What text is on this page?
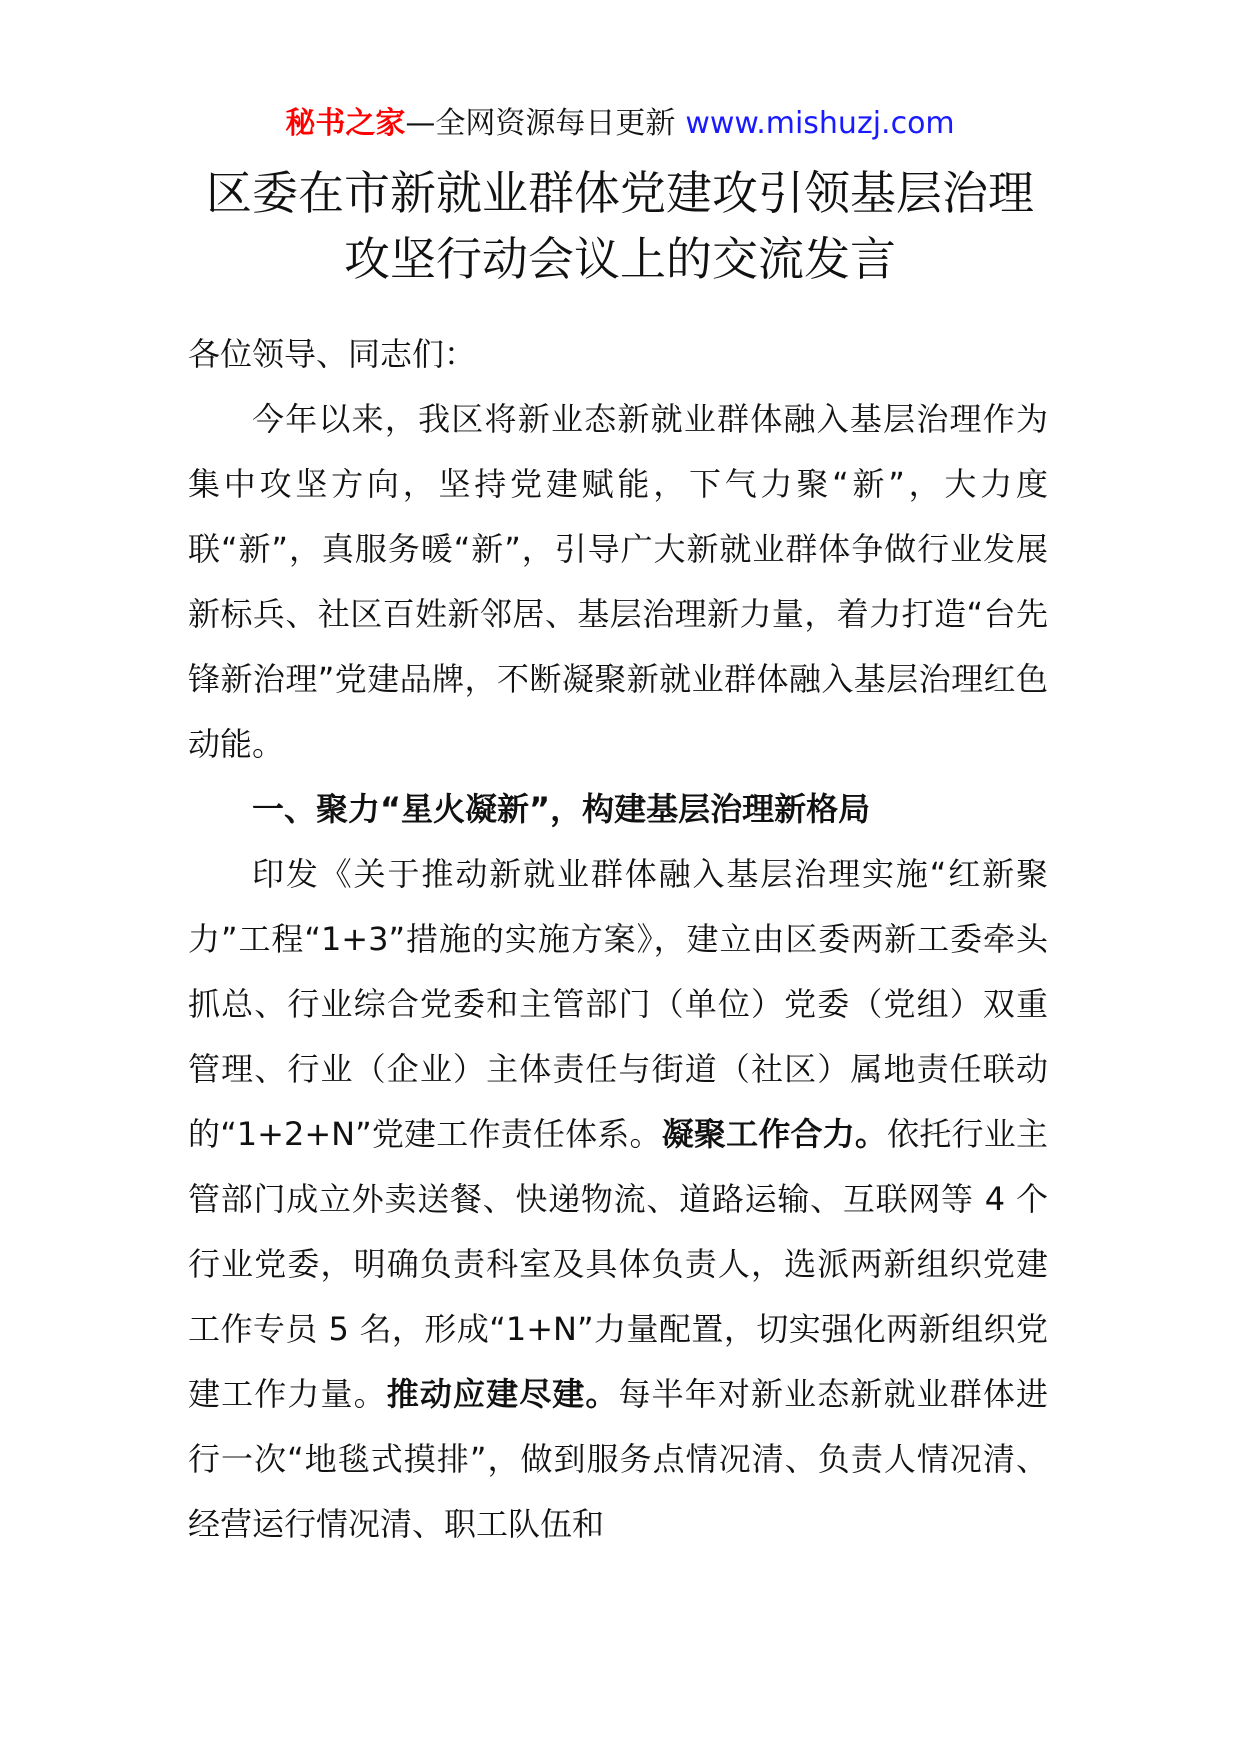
秘书之家—全网资源每日更新 www.mishuzj.com
区委在市新就业群体党建攻引领基层治理
攻坚行动会议上的交流发言

各位领导、同志们：

今年以来，我区将新业态新就业群体融入基层治理作为集中攻坚方向，坚持党建赋能，下气力聚“新”，大力度联“新”，真服务暖“新”，引导广大新就业群体争做行业发展新标兵、社区百姓新邻居、基层治理新力量，着力打造“台先锋新治理”党建品牌，不断凝聚新就业群体融入基层治理红色动能。

一、聚力“星火凝新”，构建基层治理新格局

印发《关于推动新就业群体融入基层治理实施“红新聚力”工程“1+3”措施的实施方案》，建立由区委两新工委牵头抓总、行业综合党委和主管部门（单位）党委（党组）双重管理、行业（企业）主体责任与街道（社区）属地责任联动的“1+2+N”党建工作责任体系。凝聚工作合力。依托行业主管部门成立外卖送餐、快递物流、道路运输、互联网等 4 个行业党委，明确负责科室及具体负责人，选派两新组织党建工作专员 5 名，形成“1+N”力量配置，切实强化两新组织党建工作力量。推动应建尽建。每半年对新业态新就业群体进行一次“地毯式摸排”，做到服务点情况清、负责人情况清、经营运行情况清、职工队伍和
